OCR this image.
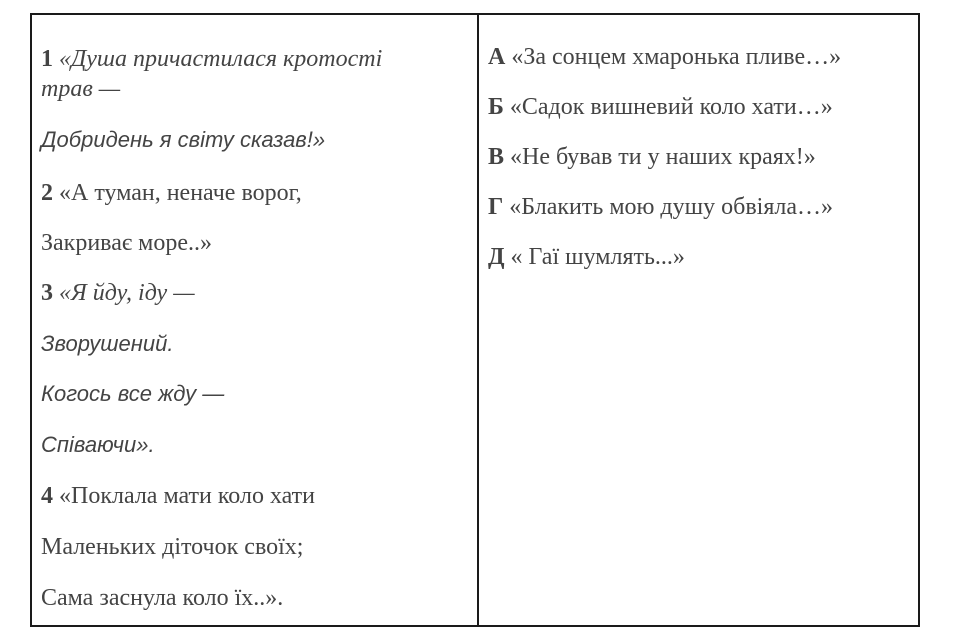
1 «Душа причастилася кротості
трав —
Добридень я світу сказав!»
2 «А туман, неначе ворог,
Закриває море..»
3 «Я йду, іду —
Зворушений.
Когось все жду —
Співаючи».
4 «Поклала мати коло хати
Маленьких діточок своїх;
Сама заснула коло їх..».
А «За сонцем хмаронька пливе…»
Б «Садок вишневий коло хати…»
В «Не бував ти у наших краях!»
Г «Блакить мою душу обвіяла…»
Д « Гаї шумлять...»
